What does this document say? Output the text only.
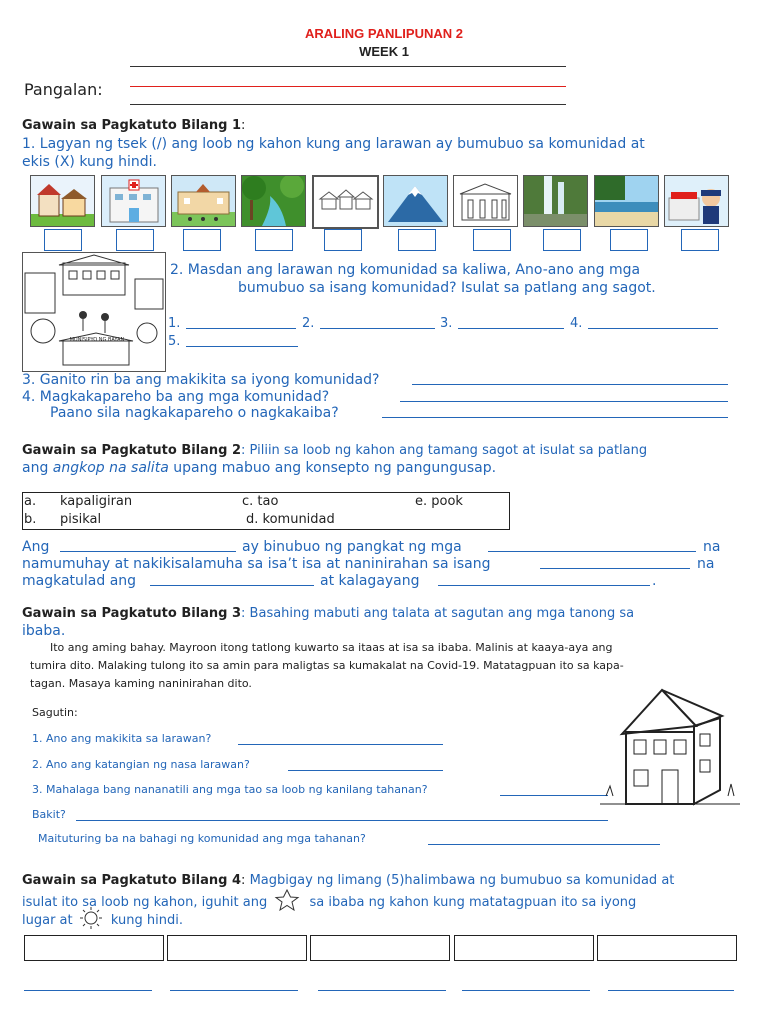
ARALING PANLIPUNAN 2
WEEK 1
Pangalan:
Gawain sa Pagkatuto Bilang 1:
1. Lagyan ng tsek (/) ang loob ng kahon kung ang larawan ay bumubuo sa komunidad at
ekis (X) kung hindi.
MUNISIPYO NG BAYAN
2. Masdan ang larawan ng komunidad sa kaliwa, Ano-ano ang mga
bumubuo sa isang komunidad? Isulat sa patlang ang sagot.
1.	2.	3.	4.
5.
3. Ganito rin ba ang makikita sa iyong komunidad?
4. Magkakapareho ba ang mga komunidad?
Paano sila nagkakapareho o nagkakaiba?
Gawain sa Pagkatuto Bilang 2: Piliin sa loob ng kahon ang tamang sagot at isulat sa patlang
ang angkop na salita upang mabuo ang konsepto ng pangungusap.
a. kapaligiran
b. pisikal
c. tao
d. komunidad
e. pook
Ang	ay binubuo ng pangkat ng mga	na
namumuhay at nakikisalamuha sa isa’t isa at naninirahan sa isang	na
magkatulad ang	at kalagayang	.
Gawain sa Pagkatuto Bilang 3: Basahing mabuti ang talata at sagutan ang mga tanong sa
ibaba.
Ito ang aming bahay. Mayroon itong tatlong kuwarto sa itaas at isa sa ibaba. Malinis at kaaya-aya ang
tumira dito. Malaking tulong ito sa amin para maligtas sa kumakalat na Covid-19. Matatagpuan ito sa kapa-
tagan. Masaya kaming naninirahan dito.
Sagutin:
1. Ano ang makikita sa larawan?
2. Ano ang katangian ng nasa larawan?
3. Mahalaga bang nananatili ang mga tao sa loob ng kanilang tahanan?
Bakit?
Maituturing ba na bahagi ng komunidad ang mga tahanan?
Gawain sa Pagkatuto Bilang 4: Magbigay ng limang (5)halimbawa ng bumubuo sa komunidad at
isulat ito sa loob ng kahon, iguhit ang	sa ibaba ng kahon kung matatagpuan ito sa iyong
lugar at	kung hindi.
